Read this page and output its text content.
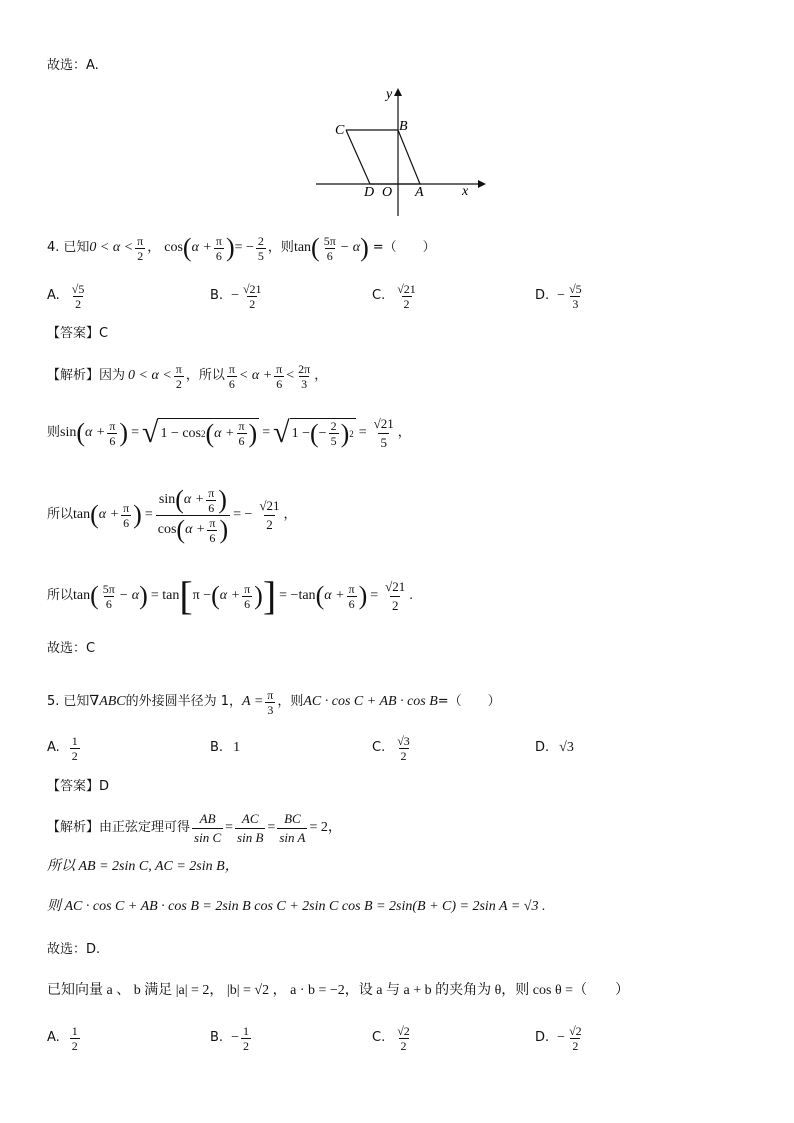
故选：A.
y
x
C	B
D O A
4. 已知 $0 < \alpha < \frac{\pi}{2}$ ， cos ( $\alpha + \frac{\pi}{6}$ ) = − $\frac{2}{5}$ ，则 tan ( $\frac{5\pi}{6} - \alpha$ ) =（　　）
A. $\frac{√5}{2}$	B. − $\frac{√21}{2}$	C. $\frac{√21}{2}$	D. − $\frac{√5}{3}$
【答案】C
【解析】 因为 $0 < \alpha < \frac{\pi}{2}$ ，所以 $\frac{\pi}{6} < \alpha + \frac{\pi}{6} < \frac{2\pi}{3}$ ，
则 sin ( $\alpha + \frac{\pi}{6}$ ) = √ 1 − cos 2 ( $\alpha + \frac{\pi}{6}$ ) = √ 1 − ( − $\frac{2}{5}$ ) $2 = \frac{√21}{5}$ ，
所以 tan ( $\alpha + \frac{\pi}{6}$ ) = $\frac{\sin ( \alpha + \frac{\pi}{6} )}{\cos ( \alpha + \frac{\pi}{6} )}$ = − $\frac{√21}{2}$ ，
所以 tan ( $\frac{5\pi}{6} - \alpha$ ) = tan [ π − ( $\alpha + \frac{\pi}{6}$ ) ] = −tan ( $\alpha + \frac{\pi}{6}$ ) = $\frac{√21}{2}$ .
故选：C
5. 已知 ∇ABC 的外接圆半径为 1， $A = \frac{\pi}{3}$ ，则 AC · cos C + AB · cos B =（　　）
A. $\frac{1}{2}$	B. 1	C. $\frac{√3}{2}$	D. √3
【答案】D
【解析】 由正弦定理可得 $\frac{AB}{\text{sin C}} = \frac{AC}{\text{sin B}} = \frac{BC}{\text{sin A}} = 2$，
所以 AB = 2sin C, AC = 2sin B，
则 AC · cos C + AB · cos B = 2sin B cos C + 2sin C cos B = 2sin(B + C) = 2sin A = √3 .
故选：D.
已知向量 a 、 b 满足 |a| = 2， |b| = √2 ， a · b = −2，设 a 与 a + b 的夹角为 θ，则 cos θ =（　　）
A. $\frac{1}{2}$	B. − $\frac{1}{2}$	C. $\frac{√2}{2}$	D. − $\frac{√2}{2}$
